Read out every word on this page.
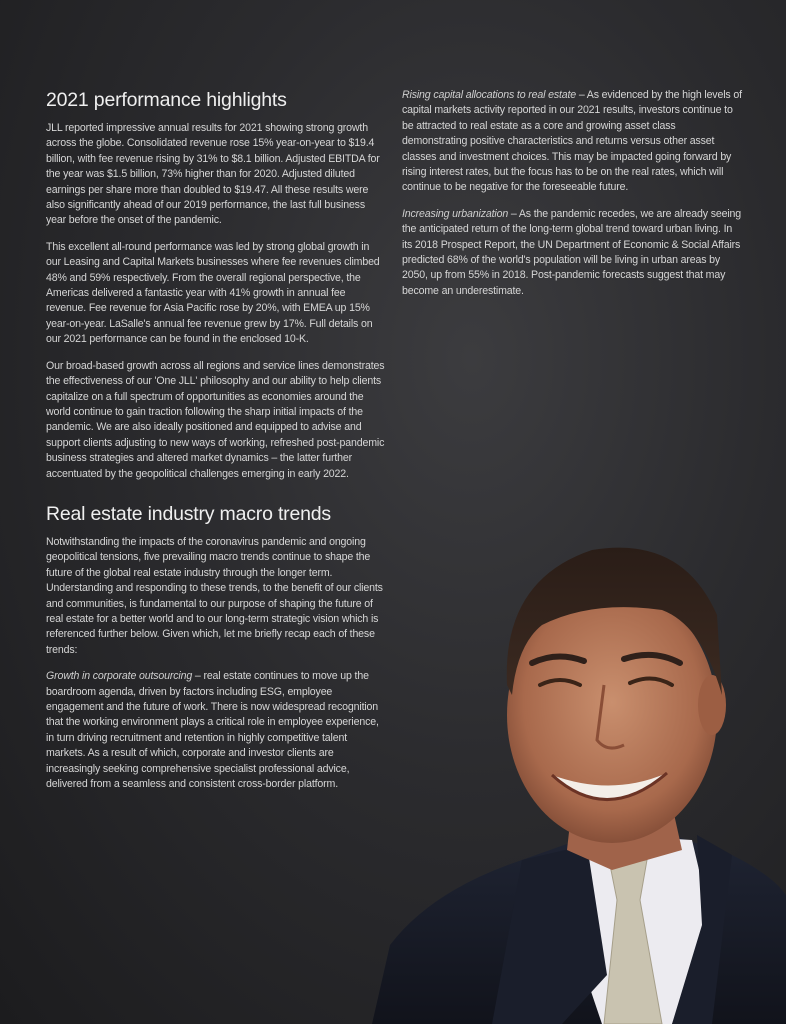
2021 performance highlights

JLL reported impressive annual results for 2021 showing strong growth across the globe. Consolidated revenue rose 15% year-on-year to $19.4 billion, with fee revenue rising by 31% to $8.1 billion. Adjusted EBITDA for the year was $1.5 billion, 73% higher than for 2020. Adjusted diluted earnings per share more than doubled to $19.47. All these results were also significantly ahead of our 2019 performance, the last full business year before the onset of the pandemic.

This excellent all-round performance was led by strong global growth in our Leasing and Capital Markets businesses where fee revenues climbed 48% and 59% respectively. From the overall regional perspective, the Americas delivered a fantastic year with 41% growth in annual fee revenue. Fee revenue for Asia Pacific rose by 20%, with EMEA up 15% year-on-year. LaSalle's annual fee revenue grew by 17%. Full details on our 2021 performance can be found in the enclosed 10-K.

Our broad-based growth across all regions and service lines demonstrates the effectiveness of our 'One JLL' philosophy and our ability to help clients capitalize on a full spectrum of opportunities as economies around the world continue to gain traction following the sharp initial impacts of the pandemic. We are also ideally positioned and equipped to advise and support clients adjusting to new ways of working, refreshed post-pandemic business strategies and altered market dynamics – the latter further accentuated by the geopolitical challenges emerging in early 2022.

Real estate industry macro trends

Notwithstanding the impacts of the coronavirus pandemic and ongoing geopolitical tensions, five prevailing macro trends continue to shape the future of the global real estate industry through the longer term. Understanding and responding to these trends, to the benefit of our clients and communities, is fundamental to our purpose of shaping the future of real estate for a better world and to our long-term strategic vision which is referenced further below. Given which, let me briefly recap each of these trends:

Growth in corporate outsourcing – real estate continues to move up the boardroom agenda, driven by factors including ESG, employee engagement and the future of work. There is now widespread recognition that the working environment plays a critical role in employee experience, in turn driving recruitment and retention in highly competitive talent markets. As a result of which, corporate and investor clients are increasingly seeking comprehensive specialist professional advice, delivered from a seamless and consistent cross-border platform.

Rising capital allocations to real estate – As evidenced by the high levels of capital markets activity reported in our 2021 results, investors continue to be attracted to real estate as a core and growing asset class demonstrating positive characteristics and returns versus other asset classes and investment choices. This may be impacted going forward by rising interest rates, but the focus has to be on the real rates, which will continue to be negative for the foreseeable future.

Increasing urbanization – As the pandemic recedes, we are already seeing the anticipated return of the long-term global trend toward urban living. In its 2018 Prospect Report, the UN Department of Economic & Social Affairs predicted 68% of the world's population will be living in urban areas by 2050, up from 55% in 2018. Post-pandemic forecasts suggest that may become an underestimate.
